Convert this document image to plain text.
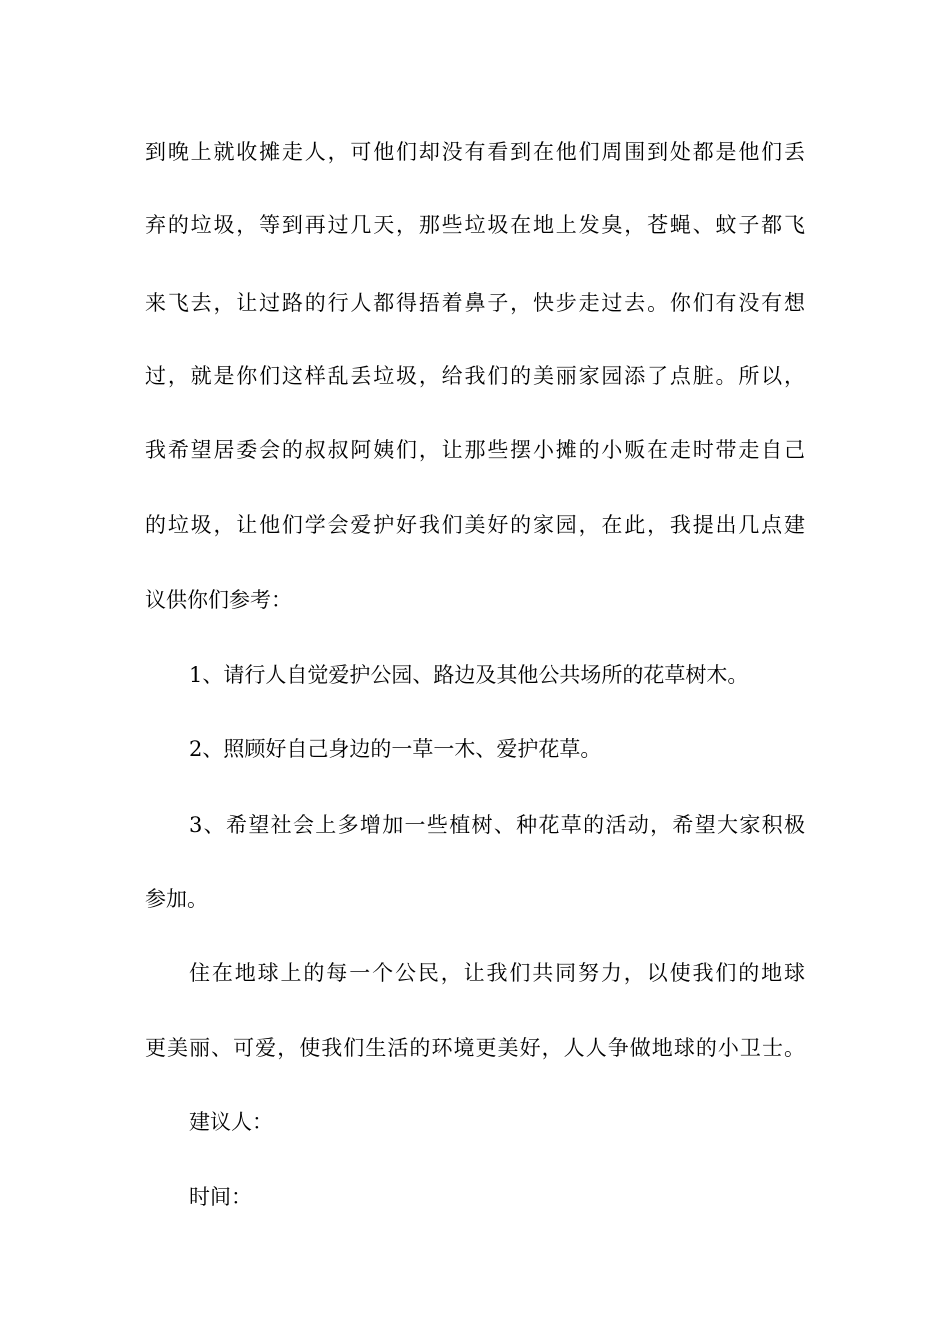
到晚上就收摊走人，可他们却没有看到在他们周围到处都是他们丢
弃的垃圾，等到再过几天，那些垃圾在地上发臭，苍蝇、蚊子都飞
来飞去，让过路的行人都得捂着鼻子，快步走过去。你们有没有想
过，就是你们这样乱丢垃圾，给我们的美丽家园添了点脏。所以，
我希望居委会的叔叔阿姨们，让那些摆小摊的小贩在走时带走自己
的垃圾，让他们学会爱护好我们美好的家园，在此，我提出几点建
议供你们参考：
1、请行人自觉爱护公园、路边及其他公共场所的花草树木。
2、照顾好自己身边的一草一木、爱护花草。
3、希望社会上多增加一些植树、种花草的活动，希望大家积极
参加。
住在地球上的每一个公民，让我们共同努力，以使我们的地球
更美丽、可爱，使我们生活的环境更美好，人人争做地球的小卫士。
建议人：
时间：
